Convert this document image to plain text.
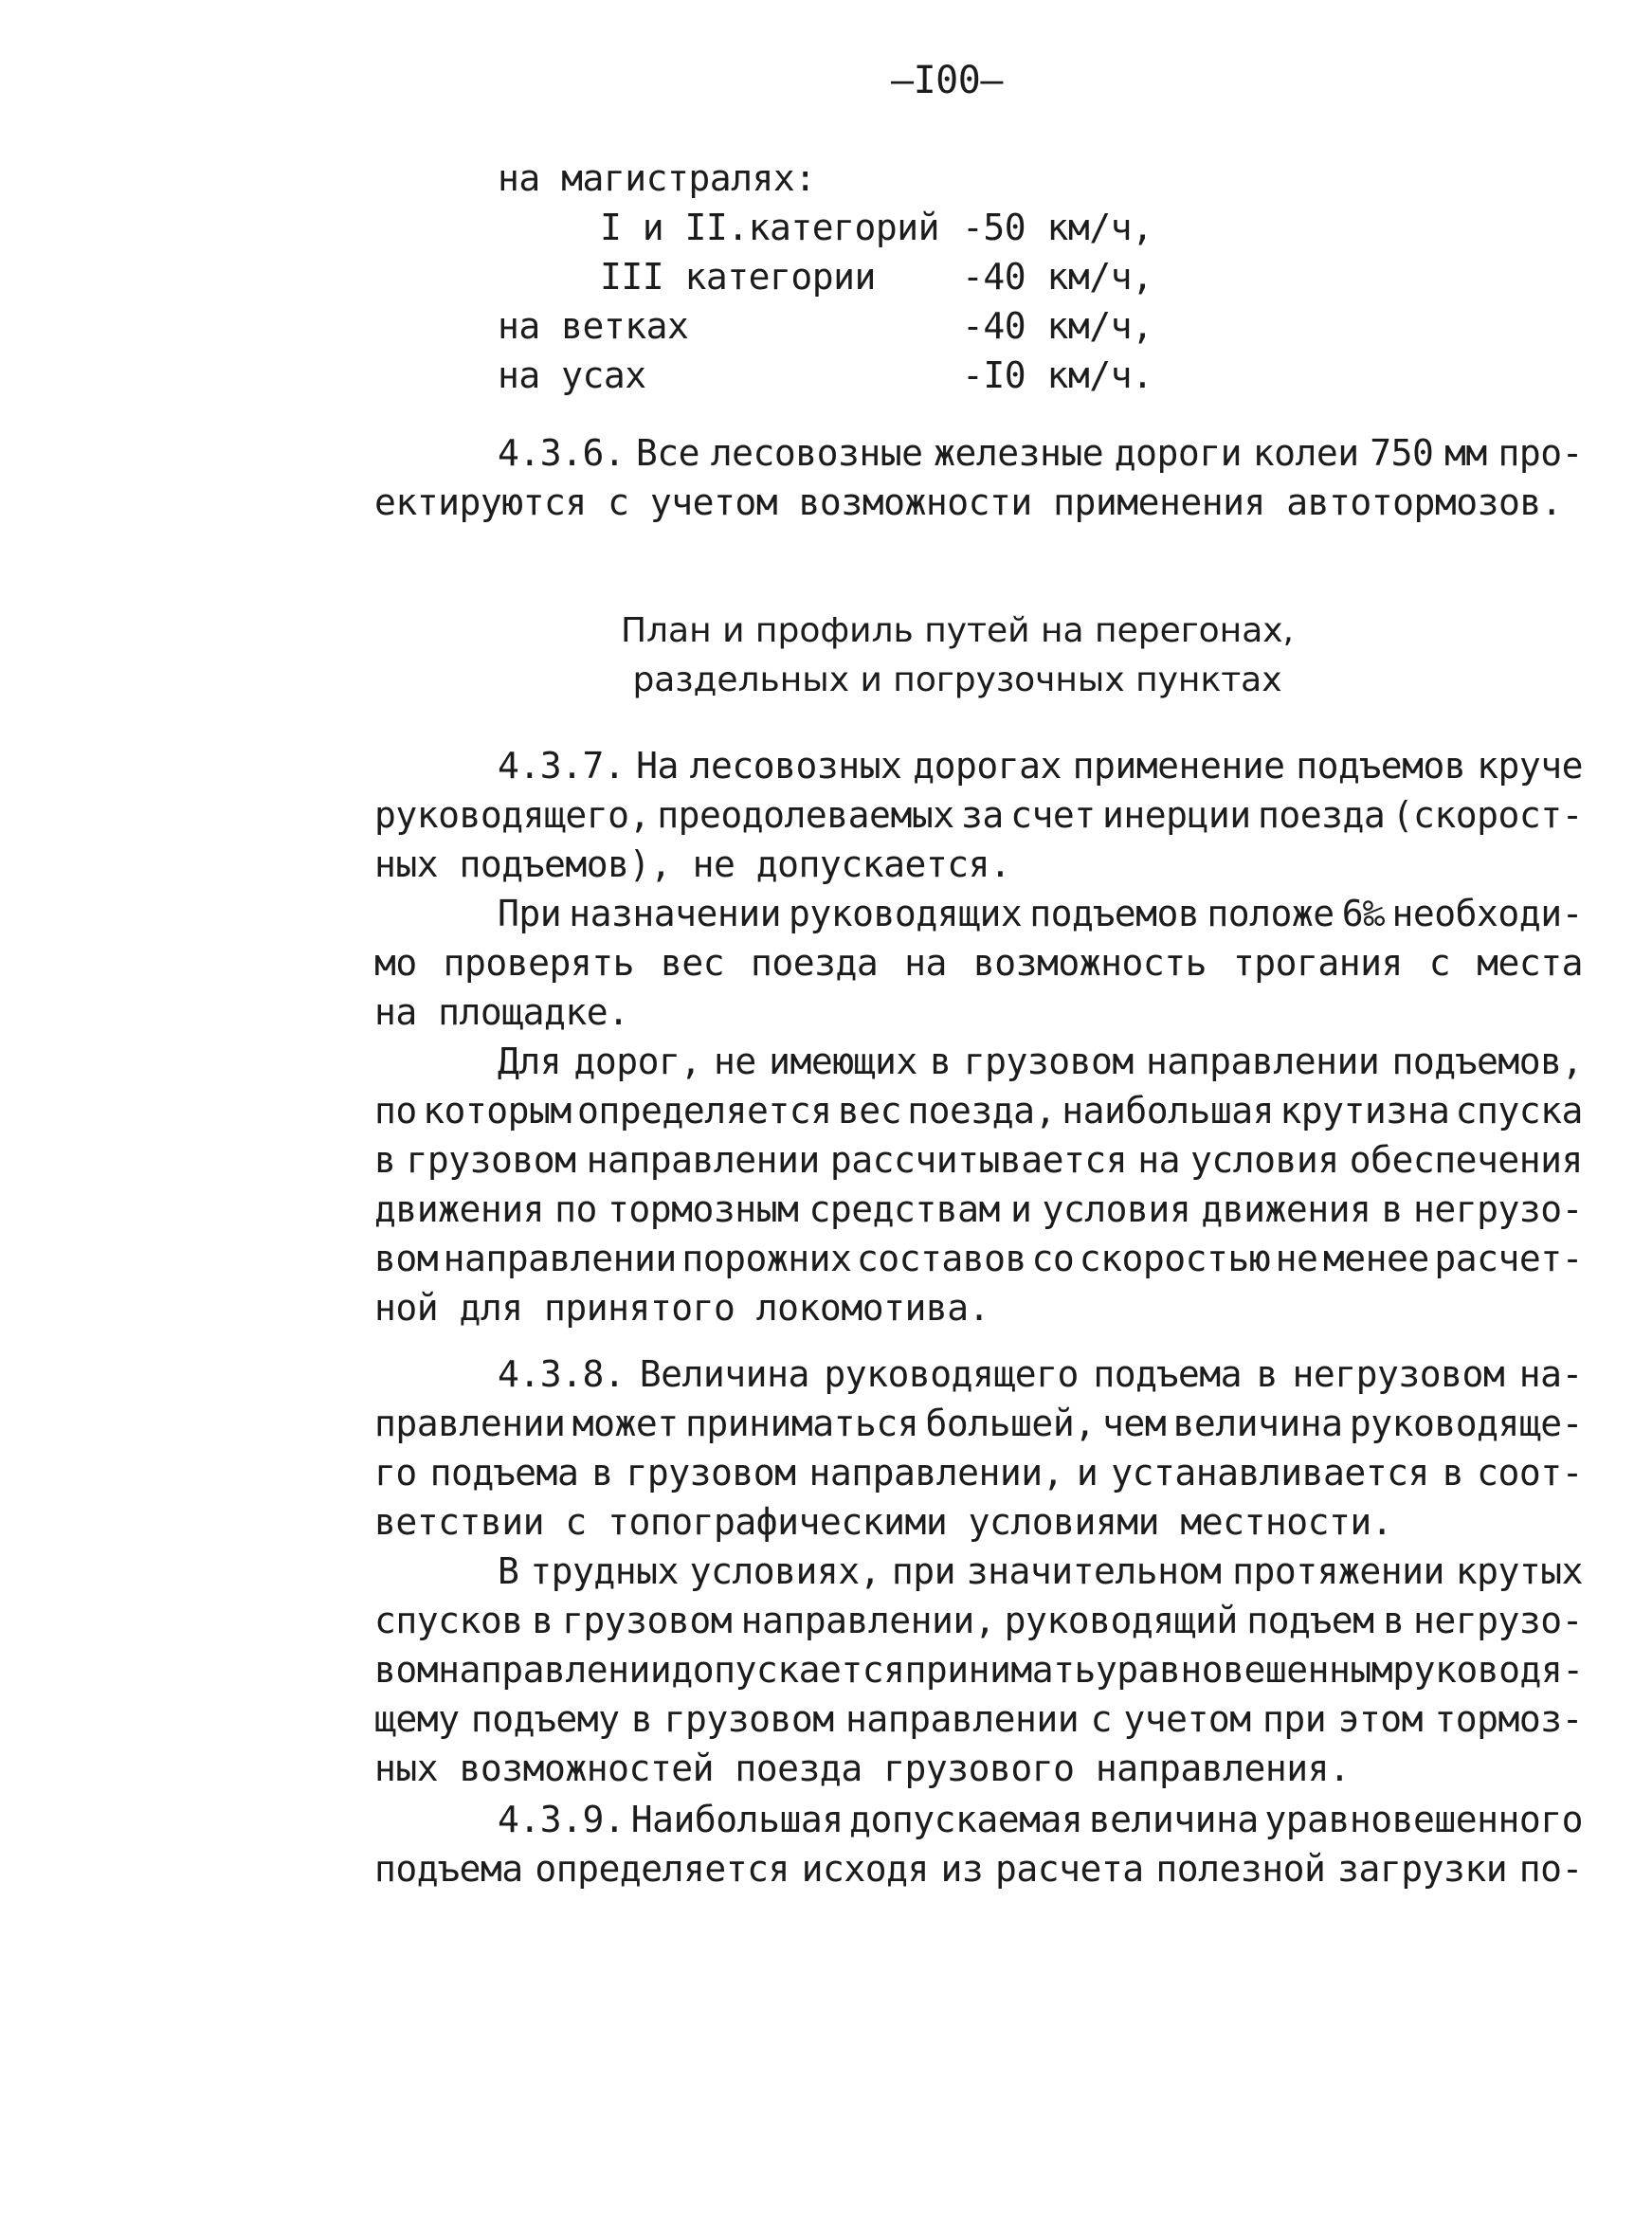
—I00—
на магистралях:
I и II.категорий -50 км/ч,
III категории -40 км/ч,
на ветках	-40 км/ч,
на усах	-I0 км/ч.
4.3.6. Все лесовозные железные дороги колеи 750 мм про-
ектируются с учетом возможности применения автотормозов.
План и профиль путей на перегонах,
раздельных и погрузочных пунктах
4.3.7. На лесовозных дорогах применение подъемов круче
руководящего, преодолеваемых за счет инерции поезда (скорост-
ных подъемов), не допускается.
При назначении руководящих подъемов положе 6‰ необходи-
мо проверять вес поезда на возможность трогания с места
на площадке.
Для дорог, не имеющих в грузовом направлении подъемов,
по которым определяется вес поезда, наибольшая крутизна спуска
в грузовом направлении рассчитывается на условия обеспечения
движения по тормозным средствам и условия движения в негрузо-
вом направлении порожних составов со скоростью не менее расчет-
ной для принятого локомотива.
4.3.8. Величина руководящего подъема в негрузовом на-
правлении может приниматься большей, чем величина руководяще-
го подъема в грузовом направлении, и устанавливается в соот-
ветствии с топографическими условиями местности.
В трудных условиях, при значительном протяжении крутых
спусков в грузовом направлении, руководящий подъем в негрузо-
вом направлении допускается принимать уравновешенным руководя-
щему подъему в грузовом направлении с учетом при этом тормоз-
ных возможностей поезда грузового направления.
4.3.9. Наибольшая допускаемая величина уравновешенного
подъема определяется исходя из расчета полезной загрузки по-
